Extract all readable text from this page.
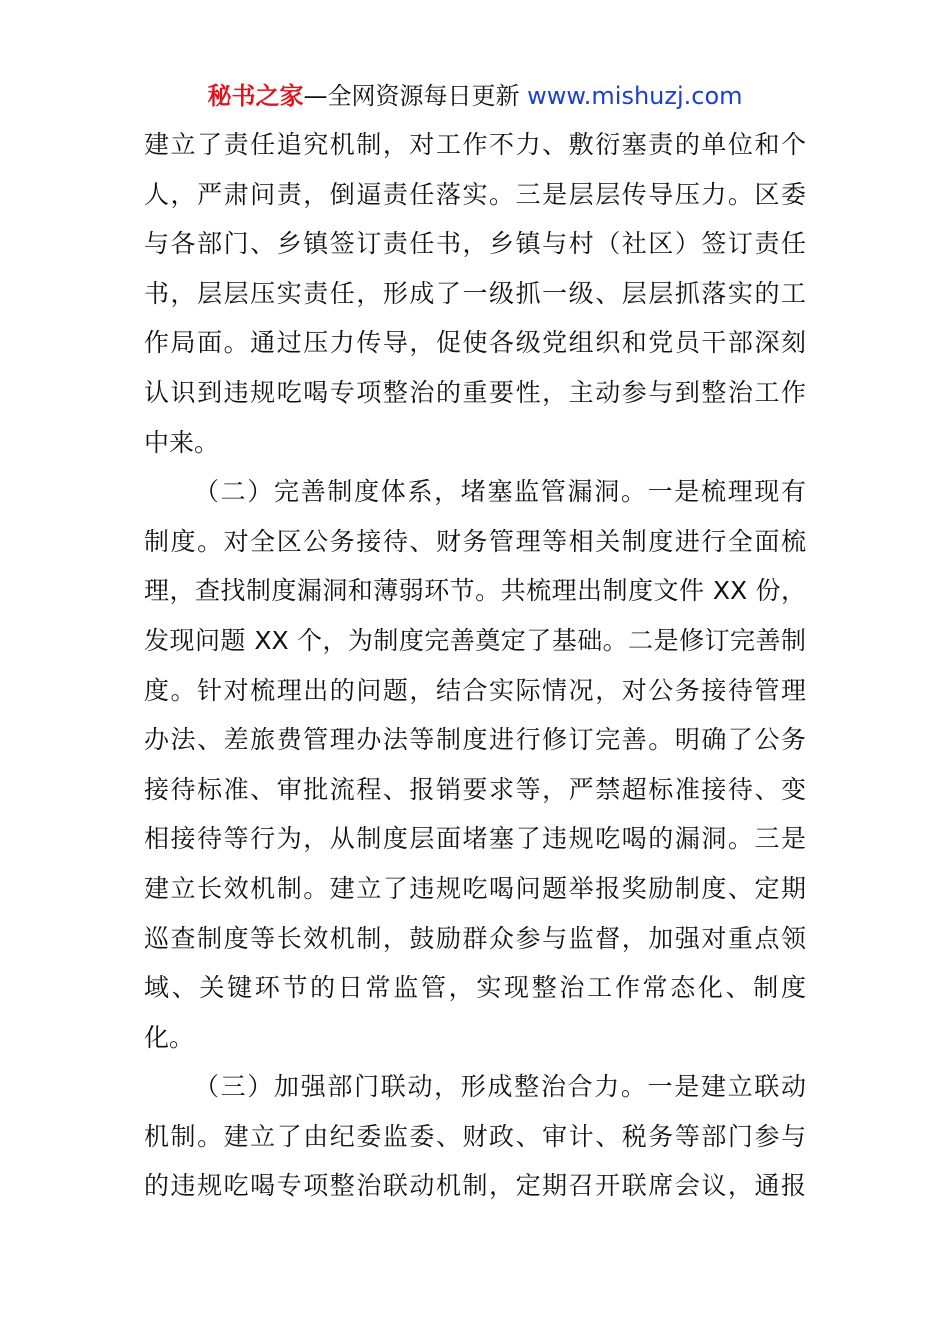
秘书之家—全网资源每日更新 www.mishuzj.com
建立了责任追究机制，对工作不力、敷衍塞责的单位和个
人，严肃问责，倒逼责任落实。三是层层传导压力。区委
与各部门、乡镇签订责任书，乡镇与村（社区）签订责任
书，层层压实责任，形成了一级抓一级、层层抓落实的工
作局面。通过压力传导，促使各级党组织和党员干部深刻
认识到违规吃喝专项整治的重要性，主动参与到整治工作
中来。
（二）完善制度体系，堵塞监管漏洞。一是梳理现有
制度。对全区公务接待、财务管理等相关制度进行全面梳
理，查找制度漏洞和薄弱环节。共梳理出制度文件 XX 份，
发现问题 XX 个，为制度完善奠定了基础。二是修订完善制
度。针对梳理出的问题，结合实际情况，对公务接待管理
办法、差旅费管理办法等制度进行修订完善。明确了公务
接待标准、审批流程、报销要求等，严禁超标准接待、变
相接待等行为，从制度层面堵塞了违规吃喝的漏洞。三是
建立长效机制。建立了违规吃喝问题举报奖励制度、定期
巡查制度等长效机制，鼓励群众参与监督，加强对重点领
域、关键环节的日常监管，实现整治工作常态化、制度
化。
（三）加强部门联动，形成整治合力。一是建立联动
机制。建立了由纪委监委、财政、审计、税务等部门参与
的违规吃喝专项整治联动机制，定期召开联席会议，通报
